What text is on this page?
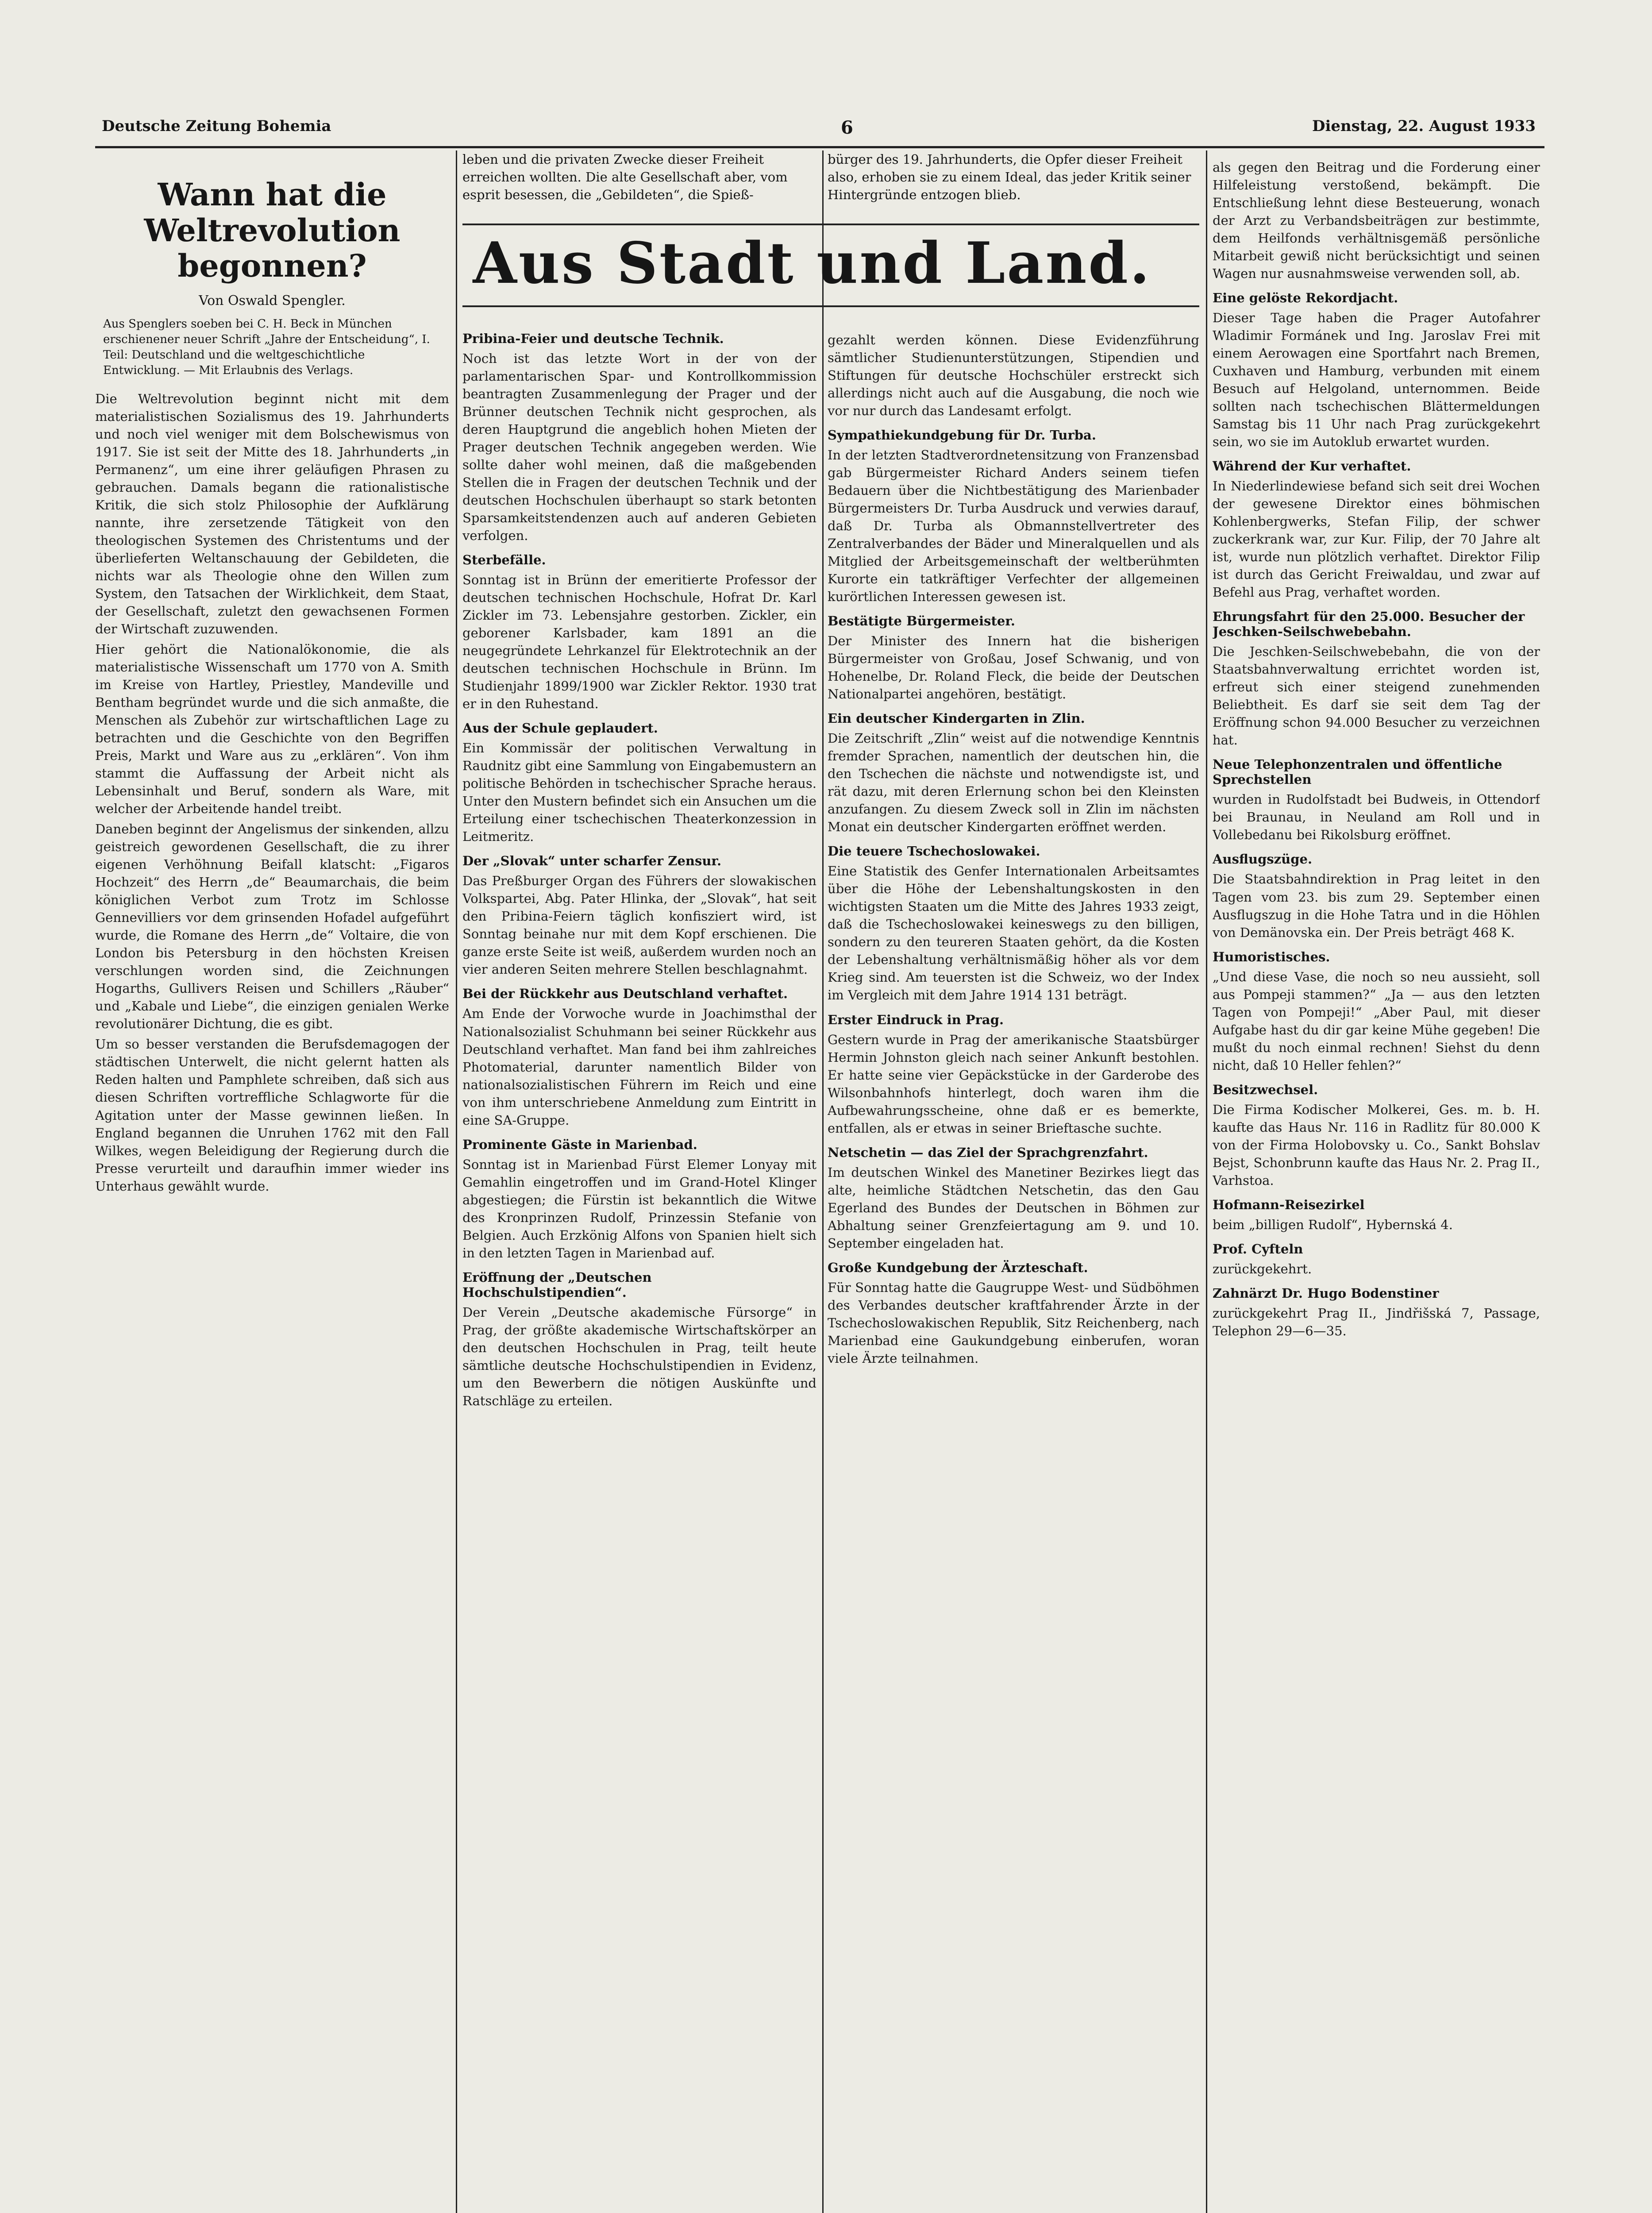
Deutsche Zeitung Bohemia	6	Dienstag, 22. August 1933
Wann hat die Weltrevolution begonnen?
Von Oswald Spengler.
Aus Spenglers soeben bei C. H. Beck in München erschienener neuer Schrift „Jahre der Entscheidung“, I. Teil: Deutschland und die weltgeschichtliche Entwicklung. — Mit Erlaubnis des Verlags.

Die Weltrevolution beginnt nicht mit dem materialistischen Sozialismus des 19. Jahrhunderts und noch viel weniger mit dem Bolschewismus von 1917. Sie ist seit der Mitte des 18. Jahrhunderts „in Permanenz“, um eine ihrer geläufigen Phrasen zu gebrauchen. Damals begann die rationalistische Kritik, die sich stolz Philosophie der Aufklärung nannte, ihre zersetzende Tätigkeit von den theologischen Systemen des Christentums und der überlieferten Weltanschauung der Gebildeten, die nichts war als Theologie ohne den Willen zum System, den Tatsachen der Wirklichkeit, dem Staat, der Gesellschaft, zuletzt den gewachsenen Formen der Wirtschaft zuzuwenden.

Hier gehört die Nationalökonomie, die als materialistische Wissenschaft um 1770 von A. Smith im Kreise von Hartley, Priestley, Mandeville und Bentham begründet wurde und die sich anmaßte, die Menschen als Zubehör zur wirtschaftlichen Lage zu betrachten und die Geschichte von den Begriffen Preis, Markt und Ware aus zu „erklären“. Von ihm stammt die Auffassung der Arbeit nicht als Lebensinhalt und Beruf, sondern als Ware, mit welcher der Arbeitende handel treibt.

Daneben beginnt der Angelismus der sinkenden, allzu geistreich gewordenen Gesellschaft, die zu ihrer eigenen Verhöhnung Beifall klatscht: „Figaros Hochzeit“ des Herrn „de“ Beaumarchais, die beim königlichen Verbot zum Trotz im Schlosse Gennevilliers vor dem grinsenden Hofadel aufgeführt wurde, die Romane des Herrn „de“ Voltaire, die von London bis Petersburg in den höchsten Kreisen verschlungen worden sind, die Zeichnungen Hogarths, Gullivers Reisen und Schillers „Räuber“ und „Kabale und Liebe“, die einzigen genialen Werke revolutionärer Dichtung, die es gibt.

Um so besser verstanden die Berufsdemagogen der städtischen Unterwelt, die nicht gelernt hatten als Reden halten und Pamphlete schreiben, daß sich aus diesen Schriften vortreffliche Schlagworte für die Agitation unter der Masse gewinnen ließen. In England begannen die Unruhen 1762 mit den Fall Wilkes, wegen Beleidigung der Regierung durch die Presse verurteilt und daraufhin immer wieder ins Unterhaus gewählt wurde.

leben und die privaten Zwecke dieser Freiheit erreichen wollten. Die alte Gesellschaft aber, vom esprit besessen, die „Gebildeten“, die Spieß-
bürger des 19. Jahrhunderts, die Opfer dieser Freiheit also, erhoben sie zu einem Ideal, das jeder Kritik seiner Hintergründe entzogen blieb.
Aus Stadt und Land.
Pribina-Feier und deutsche Technik.

Noch ist das letzte Wort in der von der parlamentarischen Spar- und Kontrollkommission beantragten Zusammenlegung der Prager und der Brünner deutschen Technik nicht gesprochen, als deren Hauptgrund die angeblich hohen Mieten der Prager deutschen Technik angegeben werden. Wie sollte daher wohl meinen, daß die maßgebenden Stellen die in Fragen der deutschen Technik und der deutschen Hochschulen überhaupt so stark betonten Sparsamkeitstendenzen auch auf anderen Gebieten verfolgen.

Sterbefälle.

Sonntag ist in Brünn der emeritierte Professor der deutschen technischen Hochschule, Hofrat Dr. Karl Zickler im 73. Lebensjahre gestorben. Zickler, ein geborener Karlsbader, kam 1891 an die neugegründete Lehrkanzel für Elektrotechnik an der deutschen technischen Hochschule in Brünn. Im Studienjahr 1899/1900 war Zickler Rektor. 1930 trat er in den Ruhestand.

Aus der Schule geplaudert.

Ein Kommissär der politischen Verwaltung in Raudnitz gibt eine Sammlung von Eingabemustern an politische Behörden in tschechischer Sprache heraus. Unter den Mustern befindet sich ein Ansuchen um die Erteilung einer tschechischen Theaterkonzession in Leitmeritz.

Der „Slovak“ unter scharfer Zensur.

Das Preßburger Organ des Führers der slowakischen Volkspartei, Abg. Pater Hlinka, der „Slovak“, hat seit den Pribina-Feiern täglich konfisziert wird, ist Sonntag beinahe nur mit dem Kopf erschienen. Die ganze erste Seite ist weiß, außerdem wurden noch an vier anderen Seiten mehrere Stellen beschlagnahmt.

Bei der Rückkehr aus Deutschland verhaftet.

Am Ende der Vorwoche wurde in Joachimsthal der Nationalsozialist Schuhmann bei seiner Rückkehr aus Deutschland verhaftet. Man fand bei ihm zahlreiches Photomaterial, darunter namentlich Bilder von nationalsozialistischen Führern im Reich und eine von ihm unterschriebene Anmeldung zum Eintritt in eine SA-Gruppe.

Prominente Gäste in Marienbad.

Sonntag ist in Marienbad Fürst Elemer Lonyay mit Gemahlin eingetroffen und im Grand-Hotel Klinger abgestiegen; die Fürstin ist bekanntlich die Witwe des Kronprinzen Rudolf, Prinzessin Stefanie von Belgien. Auch Erzkönig Alfons von Spanien hielt sich in den letzten Tagen in Marienbad auf.

Eröffnung der „Deutschen Hochschulstipendien“.

Der Verein „Deutsche akademische Fürsorge“ in Prag, der größte akademische Wirtschaftskörper an den deutschen Hochschulen in Prag, teilt heute sämtliche deutsche Hochschulstipendien in Evidenz, um den Bewerbern die nötigen Auskünfte und Ratschläge zu erteilen.

gezahlt werden können. Diese Evidenzführung sämtlicher Studienunterstützungen, Stipendien und Stiftungen für deutsche Hochschüler erstreckt sich allerdings nicht auch auf die Ausgabung, die noch wie vor nur durch das Landesamt erfolgt.

Sympathiekundgebung für Dr. Turba.

In der letzten Stadtverordnetensitzung von Franzensbad gab Bürgermeister Richard Anders seinem tiefen Bedauern über die Nichtbestätigung des Marienbader Bürgermeisters Dr. Turba Ausdruck und verwies darauf, daß Dr. Turba als Obmannstellvertreter des Zentralverbandes der Bäder und Mineralquellen und als Mitglied der Arbeitsgemeinschaft der weltberühmten Kurorte ein tatkräftiger Verfechter der allgemeinen kurörtlichen Interessen gewesen ist.

Bestätigte Bürgermeister.

Der Minister des Innern hat die bisherigen Bürgermeister von Großau, Josef Schwanig, und von Hohenelbe, Dr. Roland Fleck, die beide der Deutschen Nationalpartei angehören, bestätigt.

Ein deutscher Kindergarten in Zlin.

Die Zeitschrift „Zlin“ weist auf die notwendige Kenntnis fremder Sprachen, namentlich der deutschen hin, die den Tschechen die nächste und notwendigste ist, und rät dazu, mit deren Erlernung schon bei den Kleinsten anzufangen. Zu diesem Zweck soll in Zlin im nächsten Monat ein deutscher Kindergarten eröffnet werden.

Die teuere Tschechoslowakei.

Eine Statistik des Genfer Internationalen Arbeitsamtes über die Höhe der Lebenshaltungskosten in den wichtigsten Staaten um die Mitte des Jahres 1933 zeigt, daß die Tschechoslowakei keineswegs zu den billigen, sondern zu den teureren Staaten gehört, da die Kosten der Lebenshaltung verhältnismäßig höher als vor dem Krieg sind. Am teuersten ist die Schweiz, wo der Index im Vergleich mit dem Jahre 1914 131 beträgt.

Erster Eindruck in Prag.

Gestern wurde in Prag der amerikanische Staatsbürger Hermin Johnston gleich nach seiner Ankunft bestohlen. Er hatte seine vier Gepäckstücke in der Garderobe des Wilsonbahnhofs hinterlegt, doch waren ihm die Aufbewahrungsscheine, ohne daß er es bemerkte, entfallen, als er etwas in seiner Brieftasche suchte.

Netschetin — das Ziel der Sprachgrenzfahrt.

Im deutschen Winkel des Manetiner Bezirkes liegt das alte, heimliche Städtchen Netschetin, das den Gau Egerland des Bundes der Deutschen in Böhmen zur Abhaltung seiner Grenzfeiertagung am 9. und 10. September eingeladen hat.

Große Kundgebung der Ärzteschaft.

Für Sonntag hatte die Gaugruppe West- und Südböhmen des Verbandes deutscher kraftfahrender Ärzte in der Tschechoslowakischen Republik, Sitz Reichenberg, nach Marienbad eine Gaukundgebung einberufen, woran viele Ärzte teilnahmen.

als gegen den Beitrag und die Forderung einer Hilfeleistung verstoßend, bekämpft. Die Entschließung lehnt diese Besteuerung, wonach der Arzt zu Verbandsbeiträgen zur bestimmte, dem Heilfonds verhältnisgemäß persönliche Mitarbeit gewiß nicht berücksichtigt und seinen Wagen nur ausnahmsweise verwenden soll, ab.

Eine gelöste Rekordjacht.

Dieser Tage haben die Prager Autofahrer Wladimir Formánek und Ing. Jaroslav Frei mit einem Aerowagen eine Sportfahrt nach Bremen, Cuxhaven und Hamburg, verbunden mit einem Besuch auf Helgoland, unternommen. Beide sollten nach tschechischen Blättermeldungen Samstag bis 11 Uhr nach Prag zurückgekehrt sein, wo sie im Autoklub erwartet wurden.

Während der Kur verhaftet.

In Niederlindewiese befand sich seit drei Wochen der gewesene Direktor eines böhmischen Kohlenbergwerks, Stefan Filip, der schwer zuckerkrank war, zur Kur. Filip, der 70 Jahre alt ist, wurde nun plötzlich verhaftet. Direktor Filip ist durch das Gericht Freiwaldau, und zwar auf Befehl aus Prag, verhaftet worden.

Ehrungsfahrt für den 25.000. Besucher der Jeschken-Seilschwebebahn.

Die Jeschken-Seilschwebebahn, die von der Staatsbahnverwaltung errichtet worden ist, erfreut sich einer steigend zunehmenden Beliebtheit. Es darf sie seit dem Tag der Eröffnung schon 94.000 Besucher zu verzeichnen hat.

Neue Telephonzentralen und öffentliche Sprechstellen

wurden in Rudolfstadt bei Budweis, in Ottendorf bei Braunau, in Neuland am Roll und in Vollebedanu bei Rikolsburg eröffnet.

Ausflugszüge.

Die Staatsbahndirektion in Prag leitet in den Tagen vom 23. bis zum 29. September einen Ausflugszug in die Hohe Tatra und in die Höhlen von Demänovska ein. Der Preis beträgt 468 K.

Humoristisches.

„Und diese Vase, die noch so neu aussieht, soll aus Pompeji stammen?“ „Ja — aus den letzten Tagen von Pompeji!“ „Aber Paul, mit dieser Aufgabe hast du dir gar keine Mühe gegeben! Die mußt du noch einmal rechnen! Siehst du denn nicht, daß 10 Heller fehlen?“

Besitzwechsel.

Die Firma Kodischer Molkerei, Ges. m. b. H. kaufte das Haus Nr. 116 in Radlitz für 80.000 K von der Firma Holobovsky u. Co., Sankt Bohslav Bejst, Schonbrunn kaufte das Haus Nr. 2. Prag II., Varhstoa.

Hofmann-Reisezirkel

beim „billigen Rudolf“, Hybernská 4.

Prof. Cyfteln

zurückgekehrt.

Zahnärzt Dr. Hugo Bodenstiner

zurückgekehrt Prag II., Jindřišská 7, Passage, Telephon 29—6—35.
